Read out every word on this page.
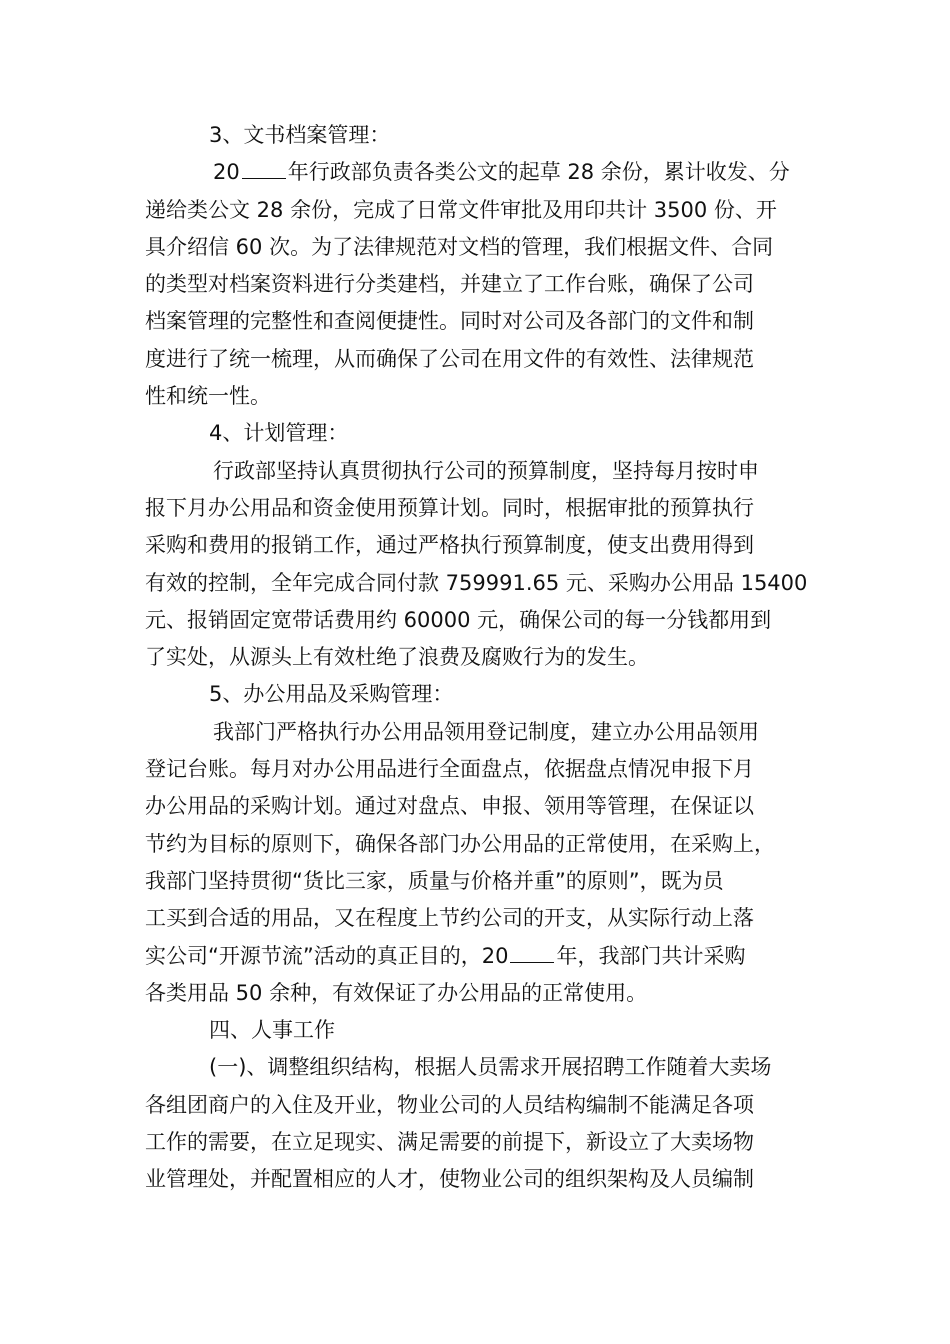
3、文书档案管理：
20 年行政部负责各类公文的起草 28 余份，累计收发、分
递给类公文 28 余份，完成了日常文件审批及用印共计 3500 份、开
具介绍信 60 次。为了法律规范对文档的管理，我们根据文件、合同
的类型对档案资料进行分类建档，并建立了工作台账，确保了公司
档案管理的完整性和查阅便捷性。同时对公司及各部门的文件和制
度进行了统一梳理，从而确保了公司在用文件的有效性、法律规范
性和统一性。
4、计划管理：
行政部坚持认真贯彻执行公司的预算制度，坚持每月按时申
报下月办公用品和资金使用预算计划。同时，根据审批的预算执行
采购和费用的报销工作，通过严格执行预算制度，使支出费用得到
有效的控制，全年完成合同付款 759991.65 元、采购办公用品 15400
元、报销固定宽带话费用约 60000 元，确保公司的每一分钱都用到
了实处，从源头上有效杜绝了浪费及腐败行为的发生。
5、办公用品及采购管理：
我部门严格执行办公用品领用登记制度，建立办公用品领用
登记台账。每月对办公用品进行全面盘点，依据盘点情况申报下月
办公用品的采购计划。通过对盘点、申报、领用等管理，在保证以
节约为目标的原则下，确保各部门办公用品的正常使用，在采购上，
我部门坚持贯彻“货比三家，质量与价格并重”的原则”，既为员
工买到合适的用品，又在程度上节约公司的开支，从实际行动上落
实公司“开源节流”活动的真正目的，20 年，我部门共计采购
各类用品 50 余种，有效保证了办公用品的正常使用。
四、人事工作
(一)、调整组织结构，根据人员需求开展招聘工作随着大卖场
各组团商户的入住及开业，物业公司的人员结构编制不能满足各项
工作的需要，在立足现实、满足需要的前提下，新设立了大卖场物
业管理处，并配置相应的人才，使物业公司的组织架构及人员编制
